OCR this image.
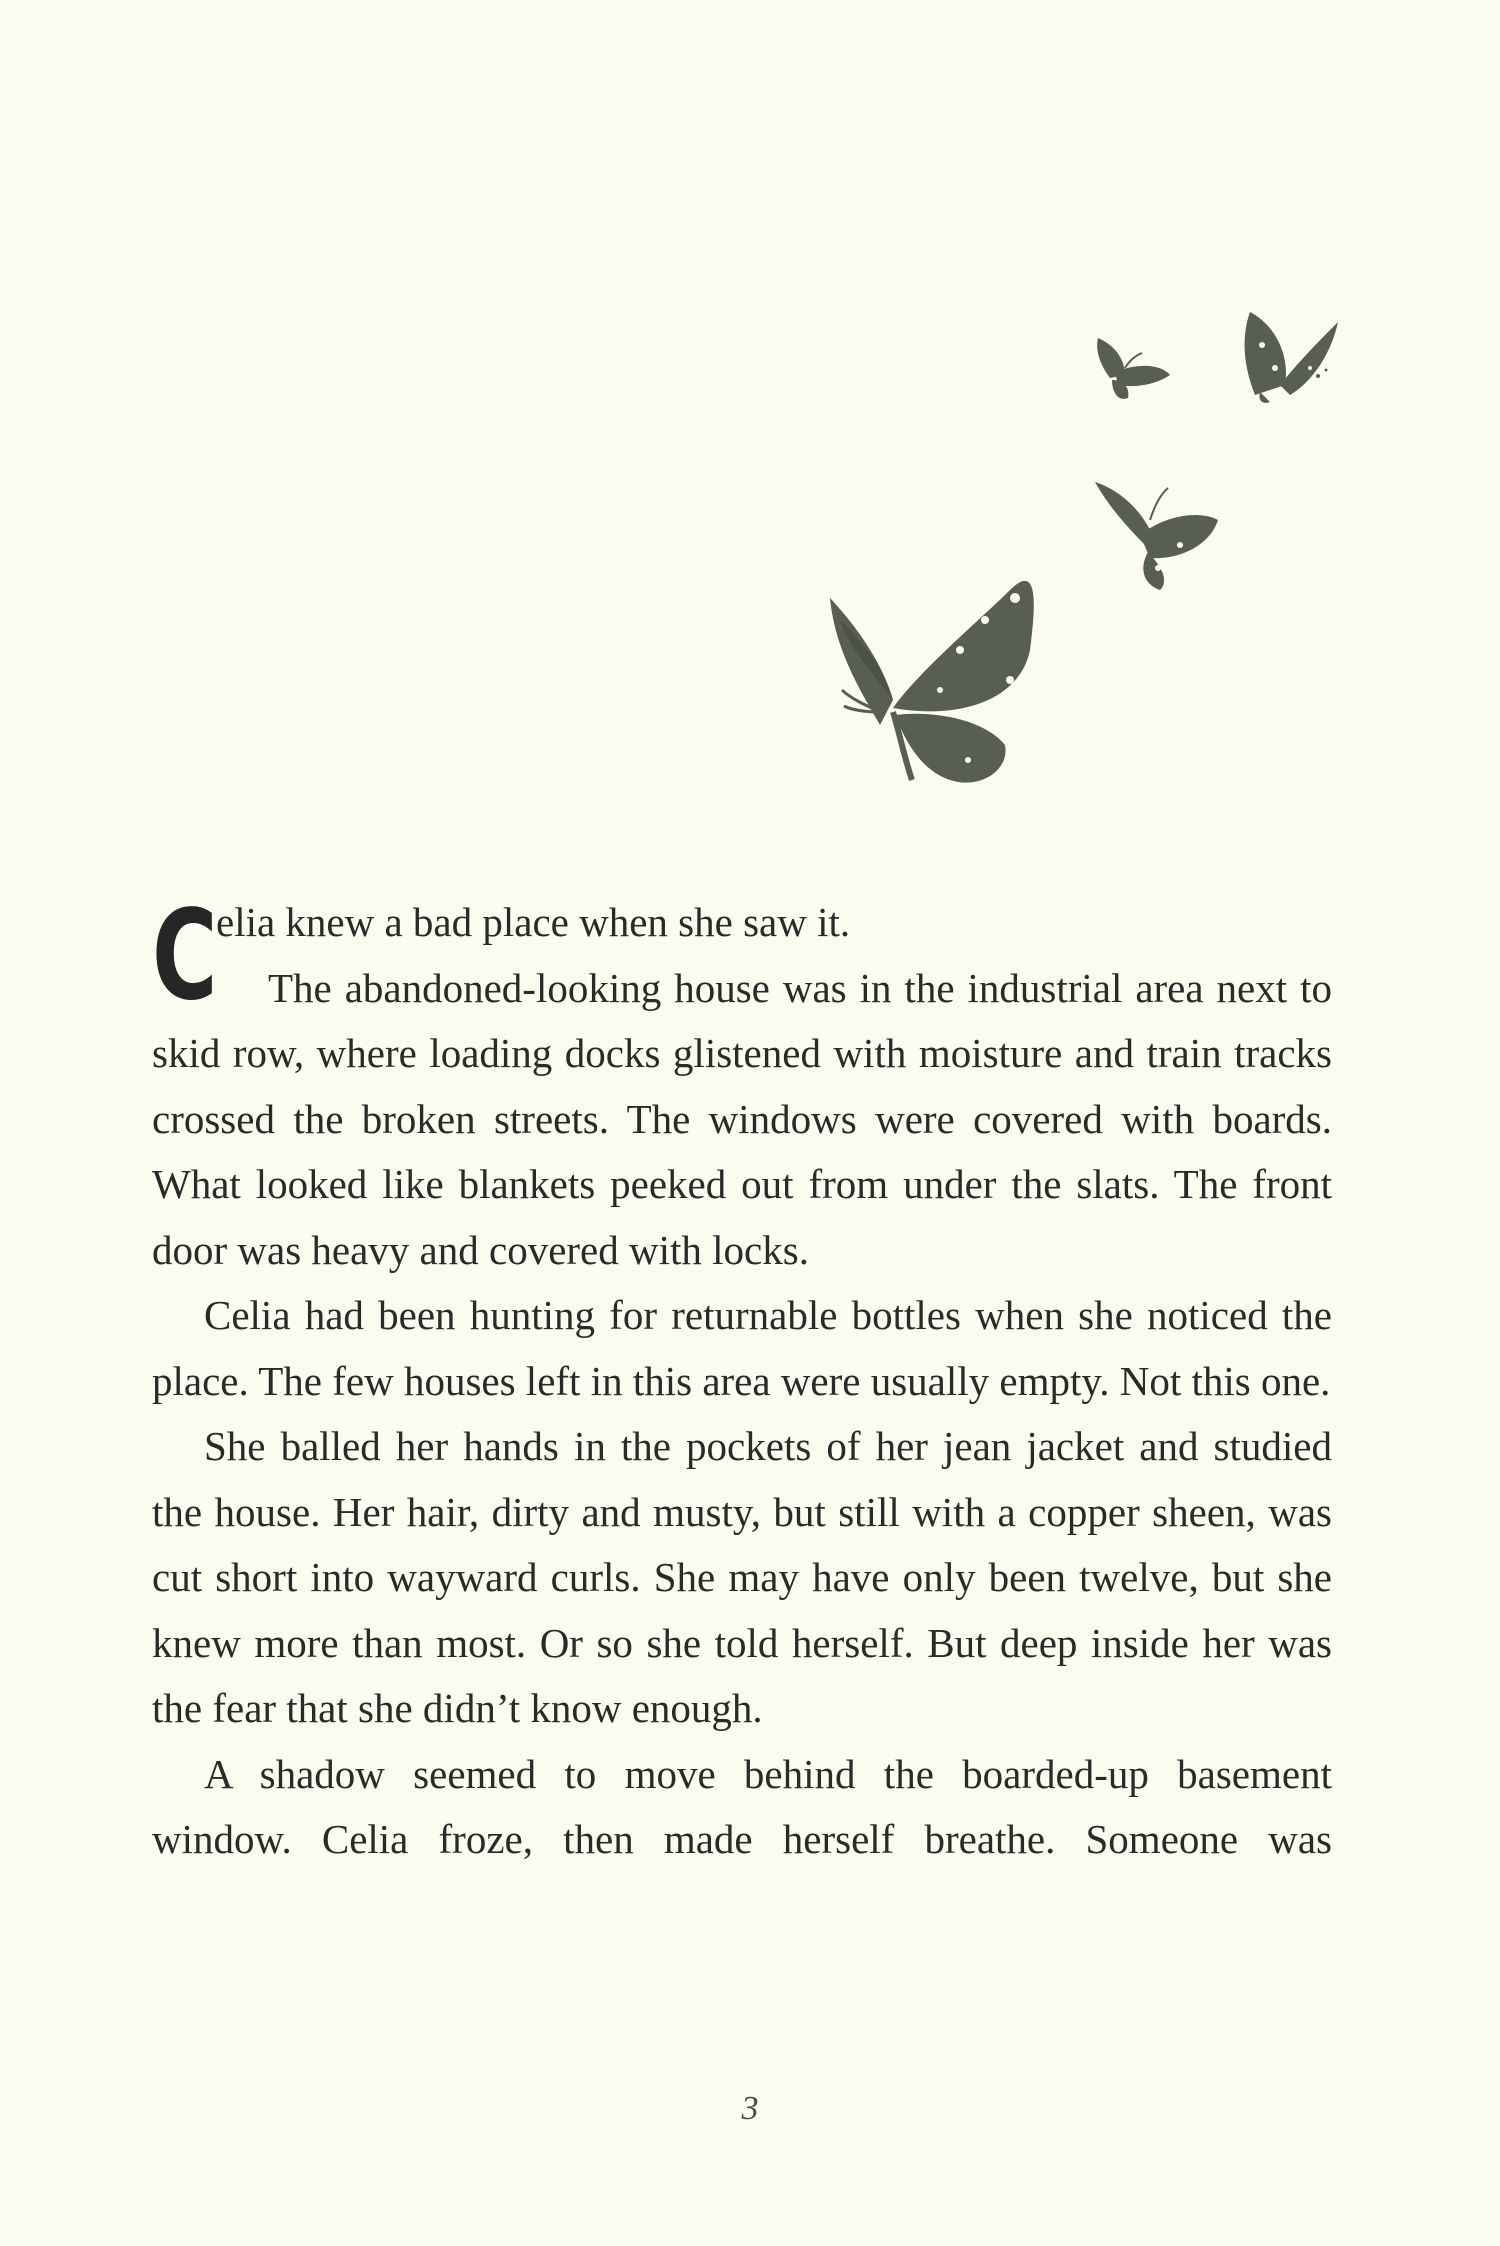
C
elia knew a bad place when she saw it.

The abandoned-looking house was in the industrial area next to skid row, where loading docks glistened with moisture and train tracks crossed the broken streets. The windows were covered with boards. What looked like blankets peeked out from under the slats. The front door was heavy and covered with locks.

Celia had been hunting for returnable bottles when she noticed the place. The few houses left in this area were usually empty. Not this one.

She balled her hands in the pockets of her jean jacket and studied the house. Her hair, dirty and musty, but still with a copper sheen, was cut short into wayward curls. She may have only been twelve, but she knew more than most. Or so she told herself. But deep inside her was the fear that she didn’t know enough.

A shadow seemed to move behind the boarded-up basement window. Celia froze, then made herself breathe. Someone was

3
